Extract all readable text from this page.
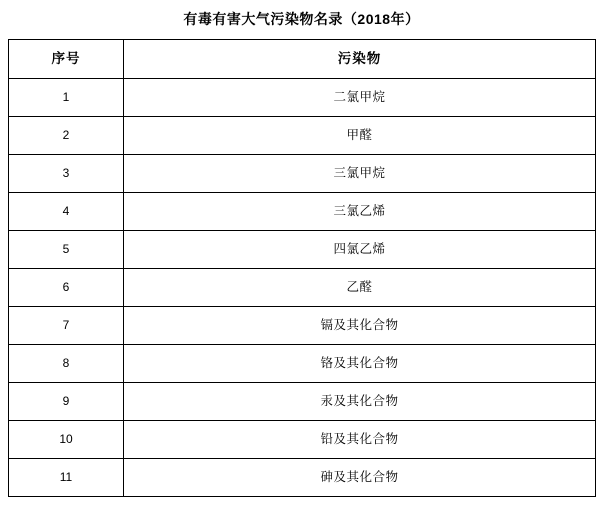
有毒有害大气污染物名录（2018年）
序号	污染物
1	二氯甲烷
2	甲醛
3	三氯甲烷
4	三氯乙烯
5	四氯乙烯
6	乙醛
7	镉及其化合物
8	铬及其化合物
9	汞及其化合物
10	铅及其化合物
11	砷及其化合物
